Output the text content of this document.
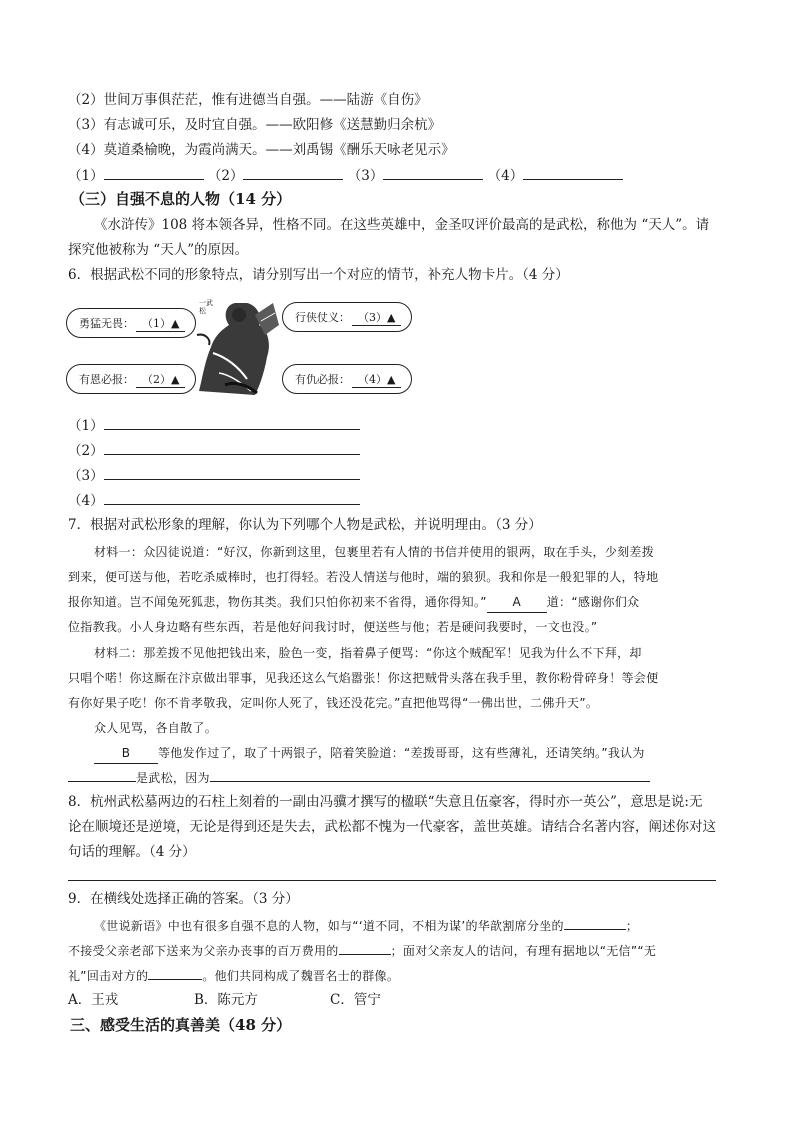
（2）世间万事俱茫茫，惟有进德当自强。——陆游《自伤》
（3）有志诚可乐，及时宜自强。——欧阳修《送慧勤归余杭》
（4）莫道桑榆晚，为霞尚满天。——刘禹锡《酬乐天咏老见示》
（1）	（2）	（3）	（4）
（三）自强不息的人物（14 分）
《水浒传》108 将本领各异，性格不同。在这些英雄中，金圣叹评价最高的是武松，称他为 “天人”。请
探究他被称为 “天人”的原因。
6．根据武松不同的形象特点，请分别写出一个对应的情节，补充人物卡片。（4 分）
勇猛无畏： （1）▲
有恩必报： （2）▲
行侠仗义： （3）▲
有仇必报： （4）▲
一武松
（1）
（2）
（3）
（4）
7．根据对武松形象的理解，你认为下列哪个人物是武松，并说明理由。（3 分）
材料一：众囚徒说道：“好汉，你新到这里，包裹里若有人情的书信并使用的银两，取在手头，少刻差拨
到来，便可送与他，若吃杀威棒时，也打得轻。若没人情送与他时，端的狼狈。我和你是一般犯罪的人，特地
报你知道。岂不闻兔死狐悲，物伤其类。我们只怕你初来不省得，通你得知。” A 道：“感谢你们众
位指教我。小人身边略有些东西，若是他好问我讨时，便送些与他；若是硬问我要时，一文也没。”
材料二：那差拨不见他把钱出来，脸色一变，指着鼻子便骂：“你这个贼配军！见我为什么不下拜，却
只唱个喏！你这厮在汴京做出罪事，见我还这么气焰嚣张！你这把贼骨头落在我手里，教你粉骨碎身！等会便
有你好果子吃！你不肯孝敬我，定叫你人死了，钱还没花完。”直把他骂得“一佛出世，二佛升天”。
众人见骂，各自散了。
B 等他发作过了，取了十两银子，陪着笑脸道：“差拨哥哥，这有些薄礼，还请笑纳。”我认为
是武松，因为
8．杭州武松墓两边的石柱上刻着的一副由冯骥才撰写的楹联“失意且伍豪客，得时亦一英公”，意思是说:无
论在顺境还是逆境，无论是得到还是失去，武松都不愧为一代豪客，盖世英雄。请结合名著内容，阐述你对这
句话的理解。（4 分）
9．在横线处选择正确的答案。（3 分）
《世说新语》中也有很多自强不息的人物，如与“‘道不同，不相为谋’的华歆割席分坐的	；
不接受父亲老部下送来为父亲办丧事的百万费用的	；面对父亲友人的诘问，有理有据地以“无信”“无
礼”回击对方的	。他们共同构成了魏晋名士的群像。
A．王戎	B．陈元方	C．管宁
三、感受生活的真善美（48 分）
